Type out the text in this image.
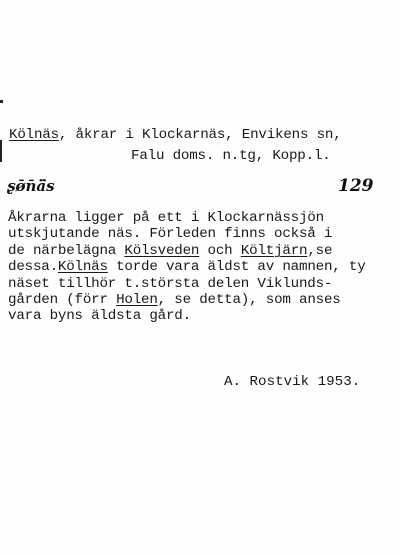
Kölnäs, åkrar i Klockarnäs, Envikens sn,
Falu doms. n.tg, Kopp.l.
ʂø̄n̄ä̈s	129
Åkrarna ligger på ett i Klockarnässjön
utskjutande näs. Förleden finns också i
de närbelägna Kölsveden och Költjärn,se
dessa.Kölnäs torde vara äldst av namnen, ty
näset tillhör t.största delen Viklunds-
gården (förr Holen, se detta), som anses
vara byns äldsta gård.
A. Rostvik 1953.
